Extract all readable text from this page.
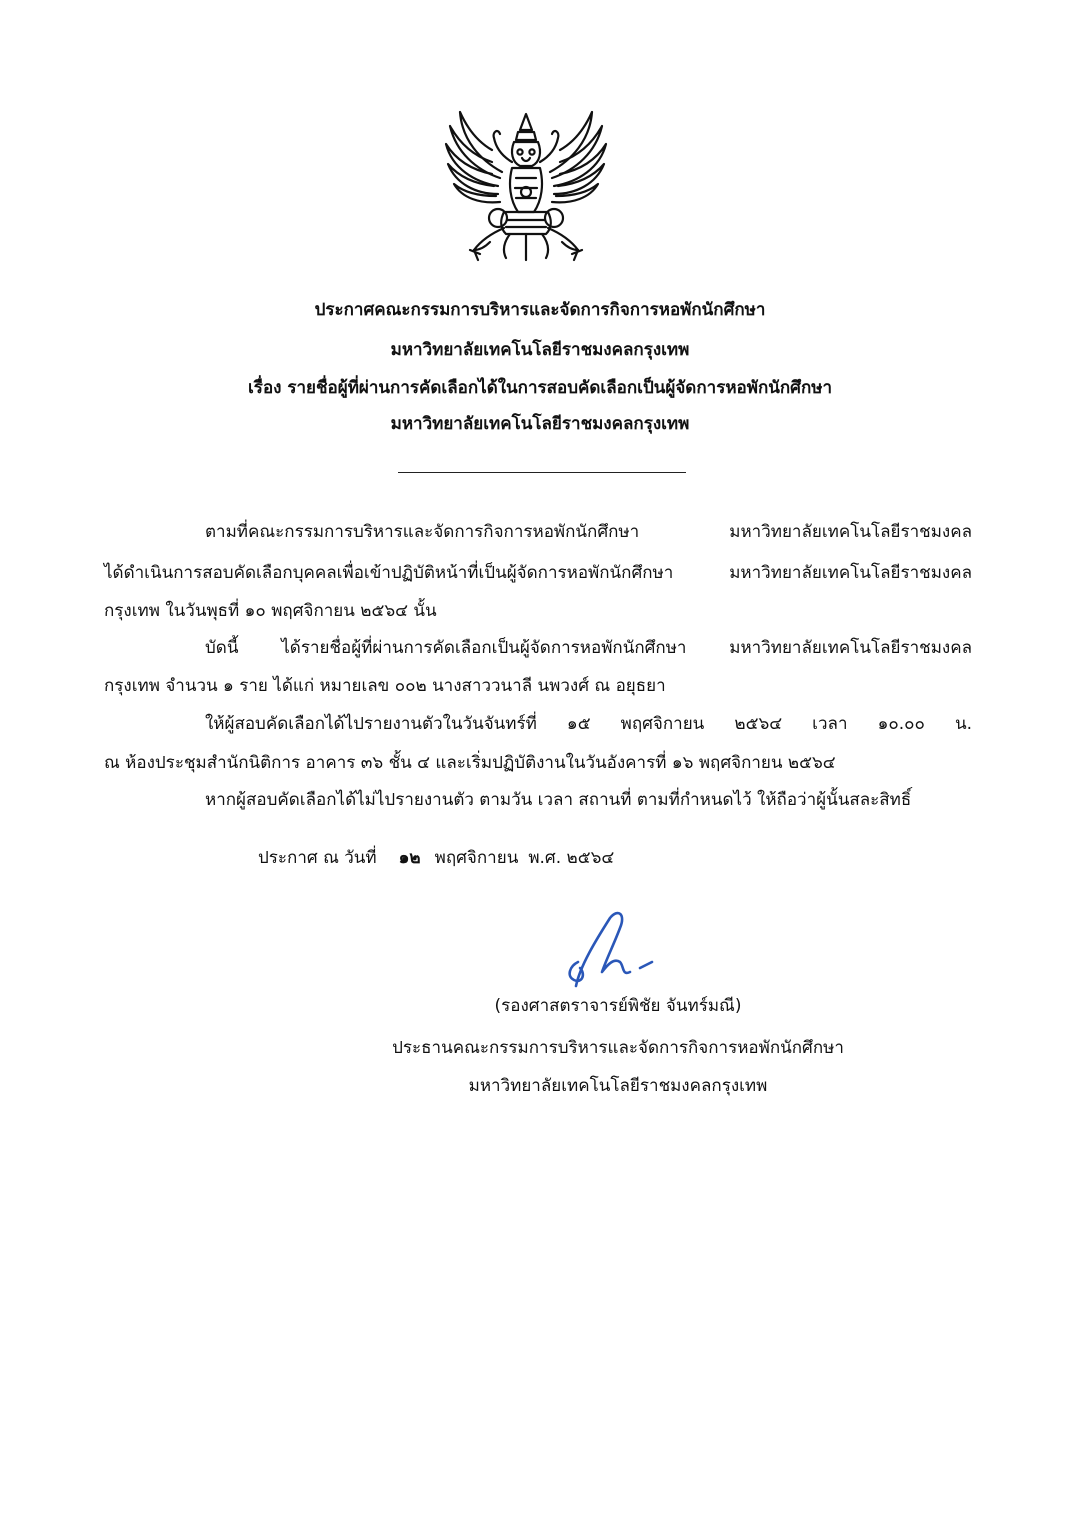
ประกาศคณะกรรมการบริหารและจัดการกิจการหอพักนักศึกษา
มหาวิทยาลัยเทคโนโลยีราชมงคลกรุงเทพ
เรื่อง รายชื่อผู้ที่ผ่านการคัดเลือกได้ในการสอบคัดเลือกเป็นผู้จัดการหอพักนักศึกษา
มหาวิทยาลัยเทคโนโลยีราชมงคลกรุงเทพ
ตามที่คณะกรรมการบริหารและจัดการกิจการหอพักนักศึกษา มหาวิทยาลัยเทคโนโลยีราชมงคล
ได้ดำเนินการสอบคัดเลือกบุคคลเพื่อเข้าปฏิบัติหน้าที่เป็นผู้จัดการหอพักนักศึกษา มหาวิทยาลัยเทคโนโลยีราชมงคล
กรุงเทพ ในวันพุธที่ ๑๐ พฤศจิกายน ๒๕๖๔ นั้น
บัดนี้ ได้รายชื่อผู้ที่ผ่านการคัดเลือกเป็นผู้จัดการหอพักนักศึกษา มหาวิทยาลัยเทคโนโลยีราชมงคล
กรุงเทพ จำนวน ๑ ราย ได้แก่ หมายเลข ๐๐๒ นางสาววนาลี นพวงศ์ ณ อยุธยา
ให้ผู้สอบคัดเลือกได้ไปรายงานตัวในวันจันทร์ที่ ๑๕ พฤศจิกายน ๒๕๖๔ เวลา ๑๐.๐๐ น.
ณ ห้องประชุมสำนักนิติการ อาคาร ๓๖ ชั้น ๔ และเริ่มปฏิบัติงานในวันอังคารที่ ๑๖ พฤศจิกายน ๒๕๖๔
หากผู้สอบคัดเลือกได้ไม่ไปรายงานตัว ตามวัน เวลา สถานที่ ตามที่กำหนดไว้ ให้ถือว่าผู้นั้นสละสิทธิ์
ประกาศ ณ วันที่ ๑๒ พฤศจิกายน พ.ศ. ๒๕๖๔
(รองศาสตราจารย์พิชัย จันทร์มณี)
ประธานคณะกรรมการบริหารและจัดการกิจการหอพักนักศึกษา
มหาวิทยาลัยเทคโนโลยีราชมงคลกรุงเทพ
